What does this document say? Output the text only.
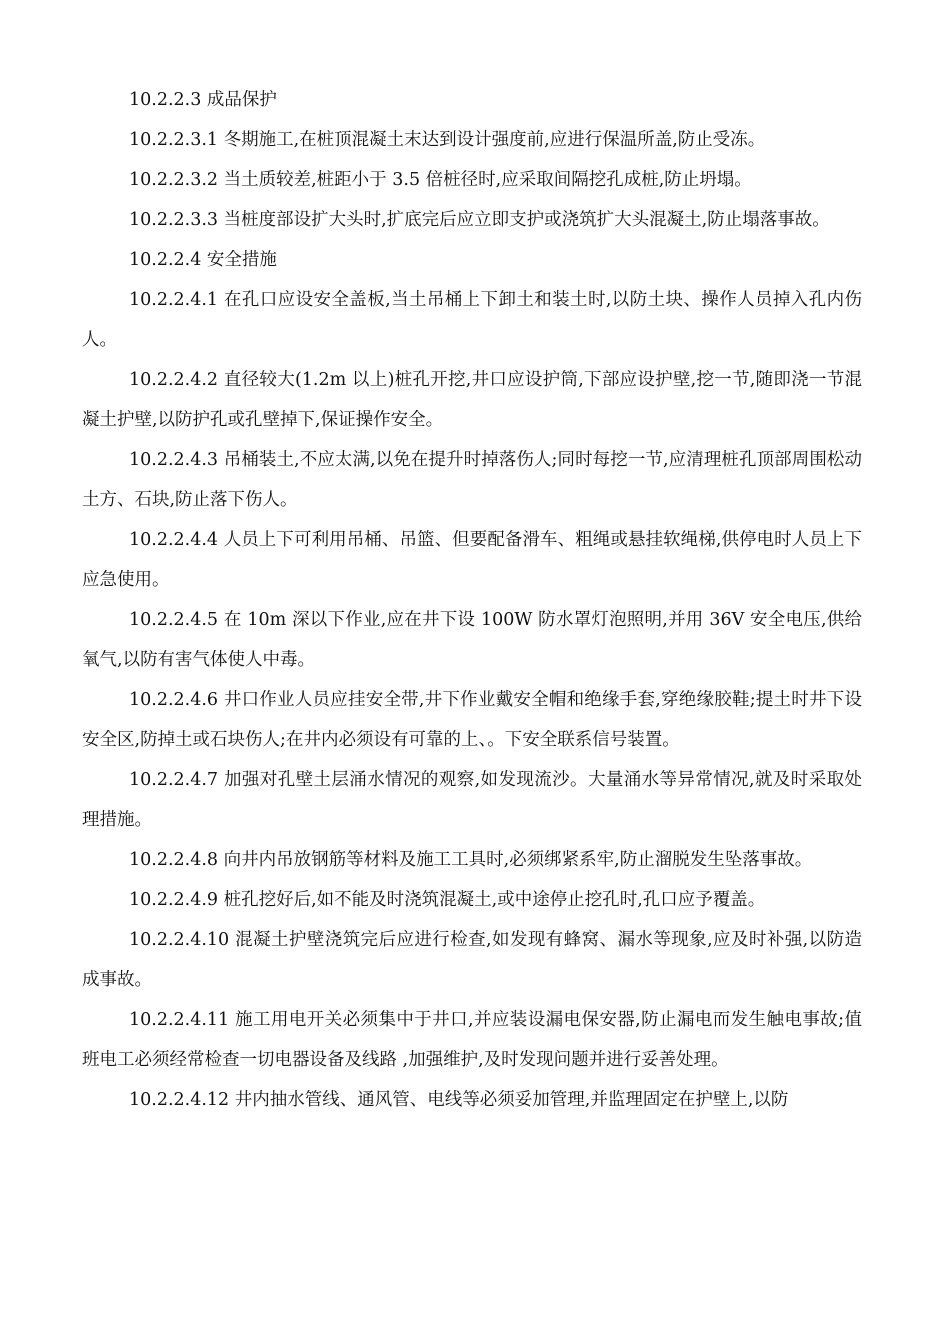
10.2.2.3 成品保护

10.2.2.3.1 冬期施工,在桩顶混凝土末达到设计强度前,应进行保温所盖,防止受冻。

10.2.2.3.2 当土质较差,桩距小于 3.5 倍桩径时,应采取间隔挖孔成桩,防止坍塌。

10.2.2.3.3 当桩度部设扩大头时,扩底完后应立即支护或浇筑扩大头混凝土,防止塌落事故。

10.2.2.4 安全措施

10.2.2.4.1 在孔口应设安全盖板,当土吊桶上下卸土和装土时,以防土块、操作人员掉入孔内伤人。

10.2.2.4.2 直径较大(1.2m 以上)桩孔开挖,井口应设护筒,下部应设护壁,挖一节,随即浇一节混凝土护壁,以防护孔或孔壁掉下,保证操作安全。

10.2.2.4.3 吊桶装土,不应太满,以免在提升时掉落伤人;同时每挖一节,应清理桩孔顶部周围松动土方、石块,防止落下伤人。

10.2.2.4.4 人员上下可利用吊桶、吊篮、但要配备滑车、粗绳或悬挂软绳梯,供停电时人员上下应急使用。

10.2.2.4.5 在 10m 深以下作业,应在井下设 100W 防水罩灯泡照明,并用 36V 安全电压,供给氧气,以防有害气体使人中毒。

10.2.2.4.6 井口作业人员应挂安全带,井下作业戴安全帽和绝缘手套,穿绝缘胶鞋;提土时井下设安全区,防掉土或石块伤人;在井内必须设有可靠的上、。下安全联系信号装置。

10.2.2.4.7 加强对孔壁土层涌水情况的观察,如发现流沙。大量涌水等异常情况,就及时采取处理措施。

10.2.2.4.8 向井内吊放钢筋等材料及施工工具时,必须绑紧系牢,防止溜脱发生坠落事故。

10.2.2.4.9 桩孔挖好后,如不能及时浇筑混凝土,或中途停止挖孔时,孔口应予覆盖。

10.2.2.4.10 混凝土护壁浇筑完后应进行检查,如发现有蜂窝、漏水等现象,应及时补强,以防造成事故。

10.2.2.4.11 施工用电开关必须集中于井口,并应装设漏电保安器,防止漏电而发生触电事故;值班电工必须经常检查一切电器设备及线路 ,加强维护,及时发现问题并进行妥善处理。

10.2.2.4.12 井内抽水管线、通风管、电线等必须妥加管理,并监理固定在护壁上,以防
